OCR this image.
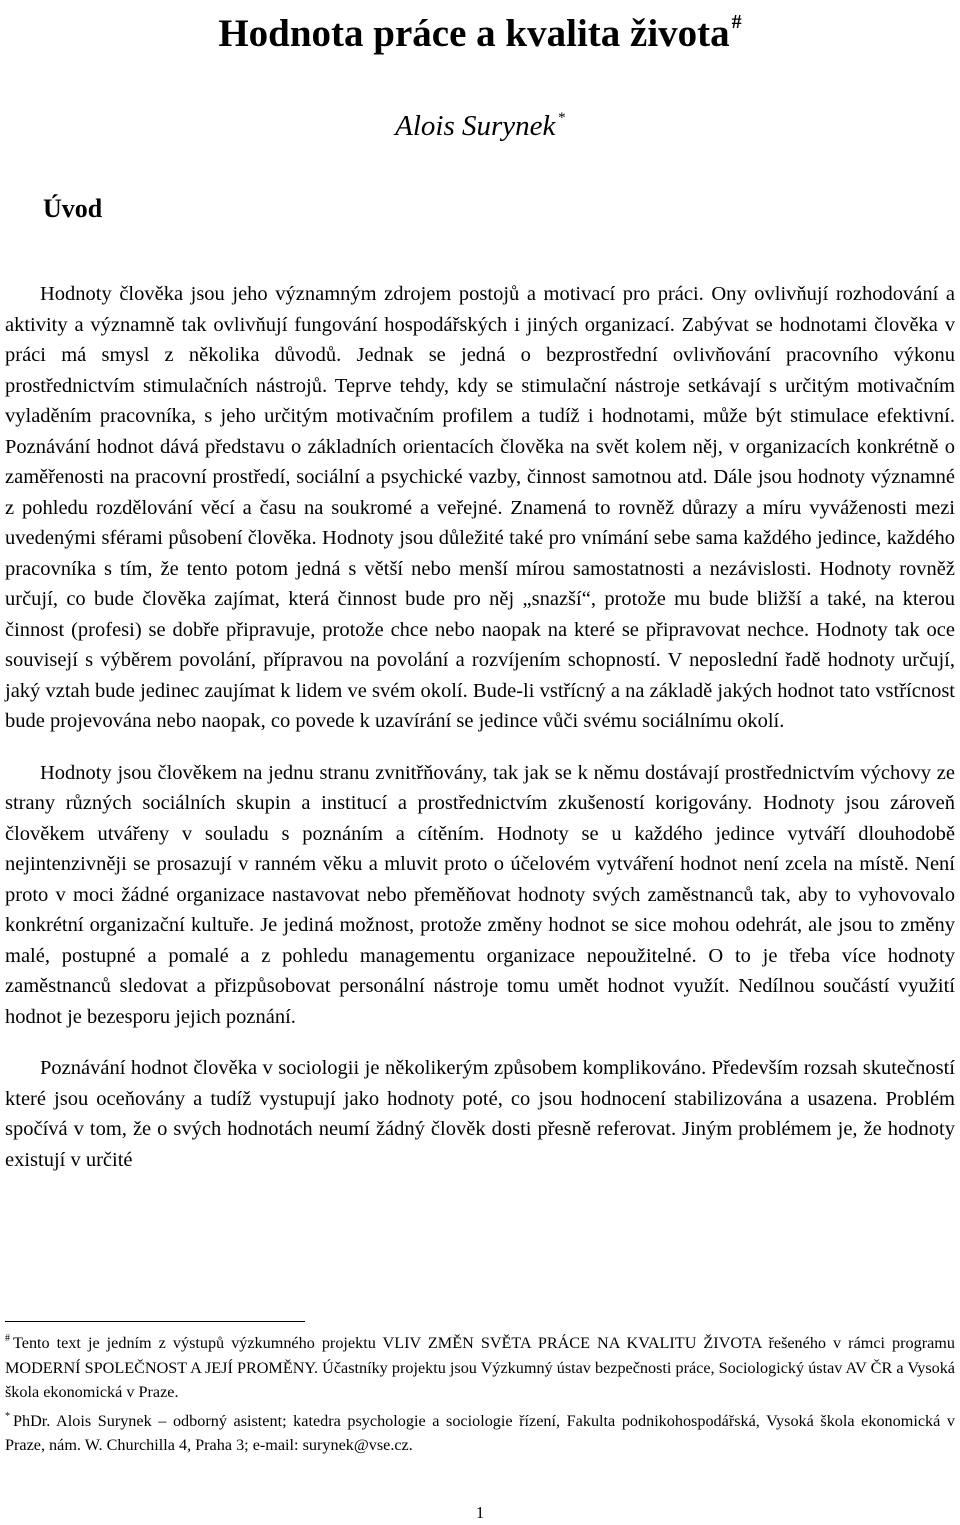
Hodnota práce a kvalita života #
Alois Surynek *
Úvod

Hodnoty člověka jsou jeho významným zdrojem postojů a motivací pro práci. Ony ovlivňují rozhodování a aktivity a významně tak ovlivňují fungování hospodářských i jiných organizací. Zabývat se hodnotami člověka v práci má smysl z několika důvodů. Jednak se jedná o bezprostřední ovlivňování pracovního výkonu prostřednictvím stimulačních nástrojů. Teprve tehdy, kdy se stimulační nástroje setkávají s určitým motivačním vyladěním pracovníka, s jeho určitým motivačním profilem a tudíž i hodnotami, může být stimulace efektivní. Poznávání hodnot dává představu o základních orientacích člověka na svět kolem něj, v organizacích konkrétně o zaměřenosti na pracovní prostředí, sociální a psychické vazby, činnost samotnou atd. Dále jsou hodnoty významné z pohledu rozdělování věcí a času na soukromé a veřejné. Znamená to rovněž důrazy a míru vyváženosti mezi uvedenými sférami působení člověka. Hodnoty jsou důležité také pro vnímání sebe sama každého jedince, každého pracovníka s tím, že tento potom jedná s větší nebo menší mírou samostatnosti a nezávislosti. Hodnoty rovněž určují, co bude člověka zajímat, která činnost bude pro něj „snazší“, protože mu bude bližší a také, na kterou činnost (profesi) se dobře připravuje, protože chce nebo naopak na které se připravovat nechce. Hodnoty tak oce souvisejí s výběrem povolání, přípravou na povolání a rozvíjením schopností. V neposlední řadě hodnoty určují, jaký vztah bude jedinec zaujímat k lidem ve svém okolí. Bude-li vstřícný a na základě jakých hodnot tato vstřícnost bude projevována nebo naopak, co povede k uzavírání se jedince vůči svému sociálnímu okolí.

Hodnoty jsou člověkem na jednu stranu zvnitřňovány, tak jak se k němu dostávají prostřednictvím výchovy ze strany různých sociálních skupin a institucí a prostřednictvím zkušeností korigovány. Hodnoty jsou zároveň člověkem utvářeny v souladu s poznáním a cítěním. Hodnoty se u každého jedince vytváří dlouhodobě nejintenzivněji se prosazují v ranném věku a mluvit proto o účelovém vytváření hodnot není zcela na místě. Není proto v moci žádné organizace nastavovat nebo přeměňovat hodnoty svých zaměstnanců tak, aby to vyhovovalo konkrétní organizační kultuře. Je jediná možnost, protože změny hodnot se sice mohou odehrát, ale jsou to změny malé, postupné a pomalé a z pohledu managementu organizace nepoužitelné. O to je třeba více hodnoty zaměstnanců sledovat a přizpůsobovat personální nástroje tomu umět hodnot využít. Nedílnou součástí využití hodnot je bezesporu jejich poznání.

Poznávání hodnot člověka v sociologii je několikerým způsobem komplikováno. Především rozsah skutečností které jsou oceňovány a tudíž vystupují jako hodnoty poté, co jsou hodnocení stabilizována a usazena. Problém spočívá v tom, že o svých hodnotách neumí žádný člověk dosti přesně referovat. Jiným problémem je, že hodnoty existují v určité

# Tento text je jedním z výstupů výzkumného projektu VLIV ZMĚN SVĚTA PRÁCE NA KVALITU ŽIVOTA řešeného v rámci programu MODERNÍ SPOLEČNOST A JEJÍ PROMĚNY. Účastníky projektu jsou Výzkumný ústav bezpečnosti práce, Sociologický ústav AV ČR a Vysoká škola ekonomická v Praze.

* PhDr. Alois Surynek – odborný asistent; katedra psychologie a sociologie řízení, Fakulta podnikohospodářská, Vysoká škola ekonomická v Praze, nám. W. Churchilla 4, Praha 3; e-mail: surynek@vse.cz.

1
